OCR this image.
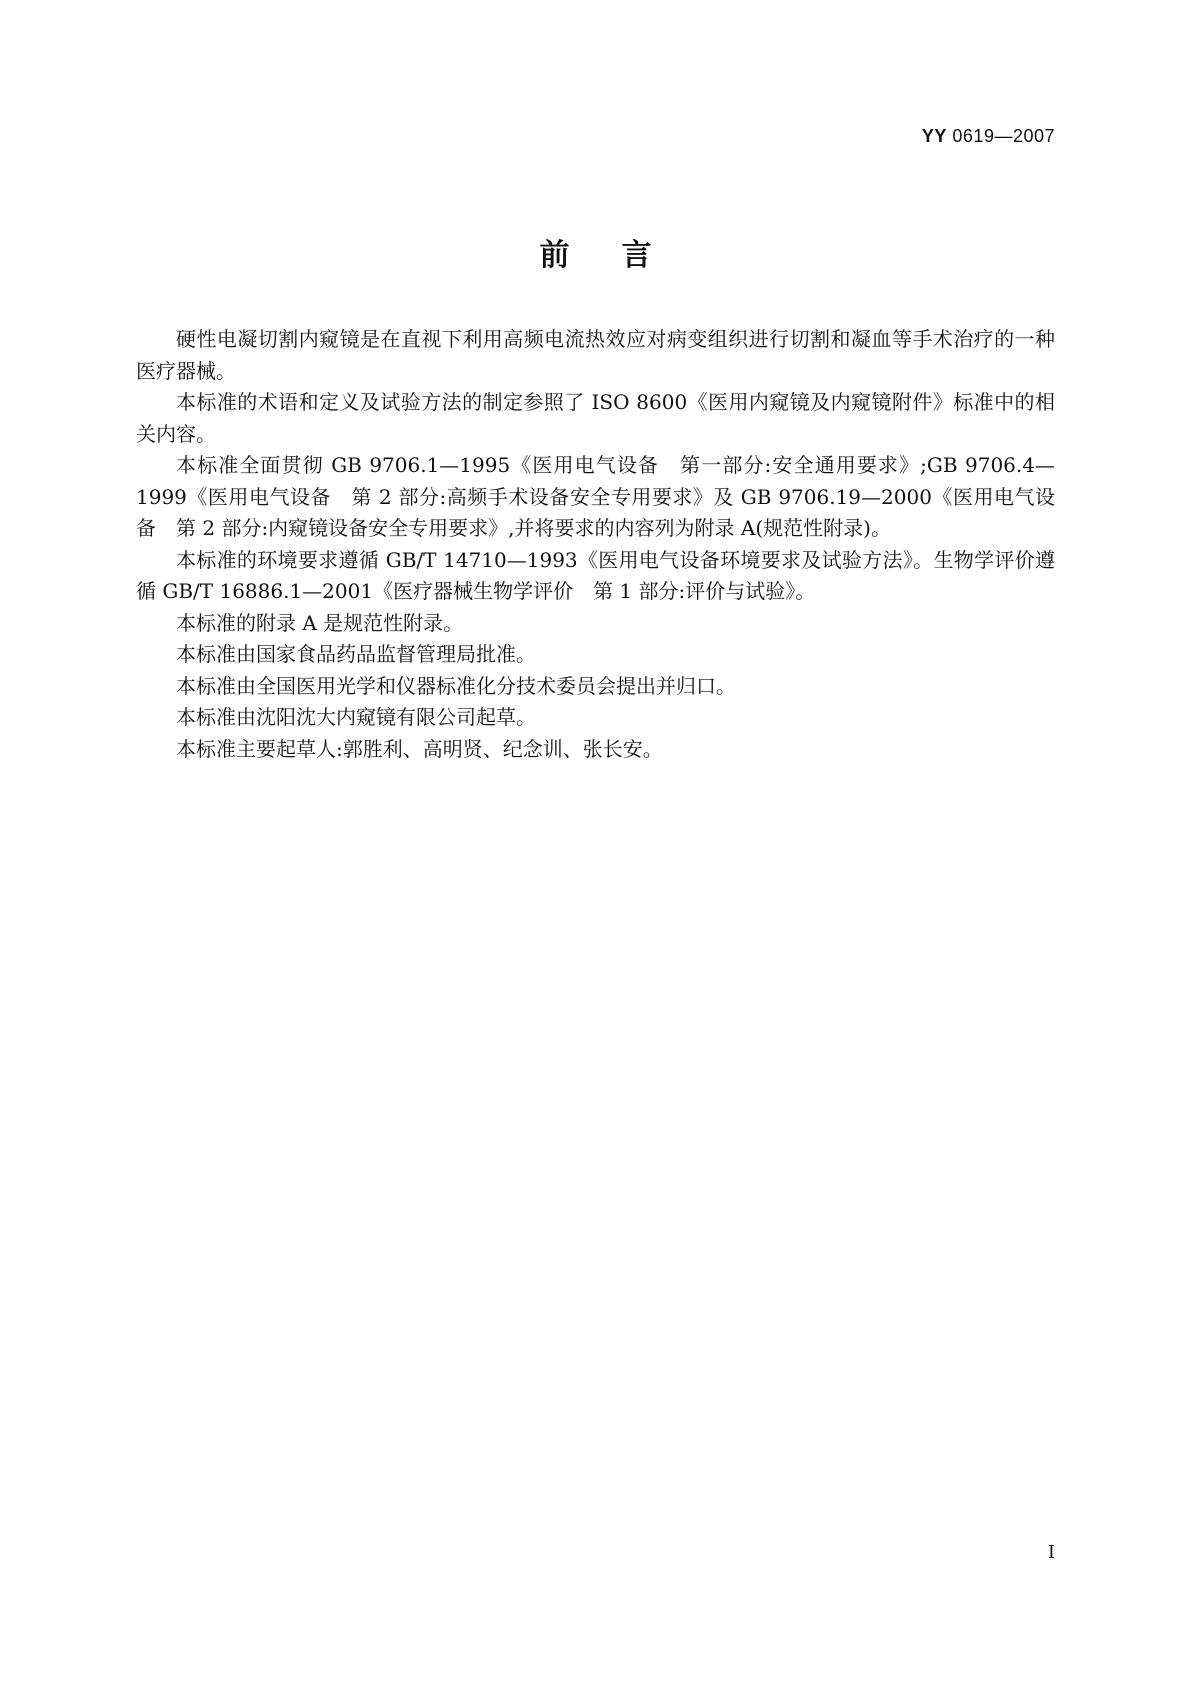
YY 0619—2007
前言

硬性电凝切割内窥镜是在直视下利用高频电流热效应对病变组织进行切割和凝血等手术治疗的一种医疗器械。

本标准的术语和定义及试验方法的制定参照了 ISO 8600《医用内窥镜及内窥镜附件》标准中的相关内容。

本标准全面贯彻 GB 9706.1—1995《医用电气设备　第一部分:安全通用要求》;GB 9706.4—1999《医用电气设备　第 2 部分:高频手术设备安全专用要求》及 GB 9706.19—2000《医用电气设备　第 2 部分:内窥镜设备安全专用要求》,并将要求的内容列为附录 A(规范性附录)。

本标准的环境要求遵循 GB/T 14710—1993《医用电气设备环境要求及试验方法》。生物学评价遵循 GB/T 16886.1—2001《医疗器械生物学评价　第 1 部分:评价与试验》。

本标准的附录 A 是规范性附录。

本标准由国家食品药品监督管理局批准。

本标准由全国医用光学和仪器标准化分技术委员会提出并归口。

本标准由沈阳沈大内窥镜有限公司起草。

本标准主要起草人:郭胜利、高明贤、纪念训、张长安。

I
